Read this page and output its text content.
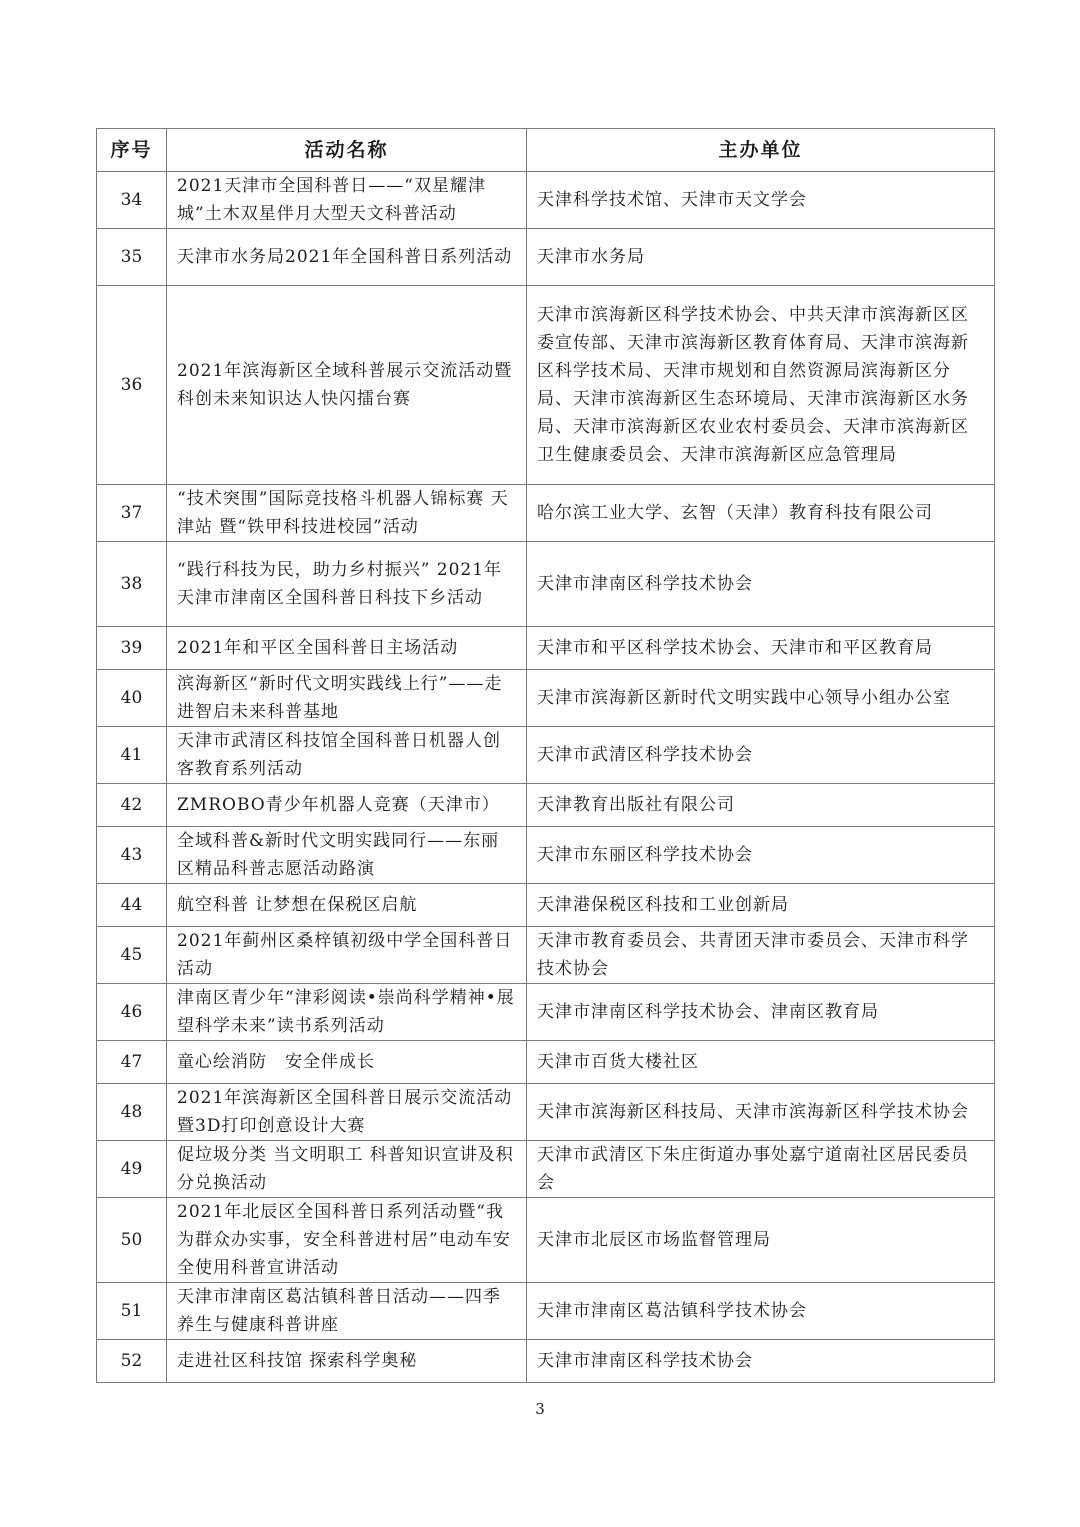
序号	活动名称	主办单位
34	2021天津市全国科普日——“双星耀津城”土木双星伴月大型天文科普活动	天津科学技术馆、天津市天文学会
35	天津市水务局2021年全国科普日系列活动	天津市水务局
36	2021年滨海新区全域科普展示交流活动暨科创未来知识达人快闪擂台赛	天津市滨海新区科学技术协会、中共天津市滨海新区区委宣传部、天津市滨海新区教育体育局、天津市滨海新区科学技术局、天津市规划和自然资源局滨海新区分局、天津市滨海新区生态环境局、天津市滨海新区水务局、天津市滨海新区农业农村委员会、天津市滨海新区卫生健康委员会、天津市滨海新区应急管理局
37	“技术突围”国际竞技格斗机器人锦标赛 天津站 暨“铁甲科技进校园”活动	哈尔滨工业大学、玄智（天津）教育科技有限公司
38	“践行科技为民，助力乡村振兴” 2021年天津市津南区全国科普日科技下乡活动	天津市津南区科学技术协会
39	2021年和平区全国科普日主场活动	天津市和平区科学技术协会、天津市和平区教育局
40	滨海新区“新时代文明实践线上行”——走进智启未来科普基地	天津市滨海新区新时代文明实践中心领导小组办公室
41	天津市武清区科技馆全国科普日机器人创客教育系列活动	天津市武清区科学技术协会
42	ZMROBO青少年机器人竞赛（天津市）	天津教育出版社有限公司
43	全域科普&新时代文明实践同行——东丽区精品科普志愿活动路演	天津市东丽区科学技术协会
44	航空科普 让梦想在保税区启航	天津港保税区科技和工业创新局
45	2021年蓟州区桑梓镇初级中学全国科普日活动	天津市教育委员会、共青团天津市委员会、天津市科学技术协会
46	津南区青少年“津彩阅读•崇尚科学精神•展望科学未来”读书系列活动	天津市津南区科学技术协会、津南区教育局
47	童心绘消防　安全伴成长	天津市百货大楼社区
48	2021年滨海新区全国科普日展示交流活动暨3D打印创意设计大赛	天津市滨海新区科技局、天津市滨海新区科学技术协会
49	促垃圾分类 当文明职工 科普知识宣讲及积分兑换活动	天津市武清区下朱庄街道办事处嘉宁道南社区居民委员会
50	2021年北辰区全国科普日系列活动暨“我为群众办实事，安全科普进村居”电动车安全使用科普宣讲活动	天津市北辰区市场监督管理局
51	天津市津南区葛沽镇科普日活动——四季养生与健康科普讲座	天津市津南区葛沽镇科学技术协会
52	走进社区科技馆 探索科学奥秘	天津市津南区科学技术协会
3
